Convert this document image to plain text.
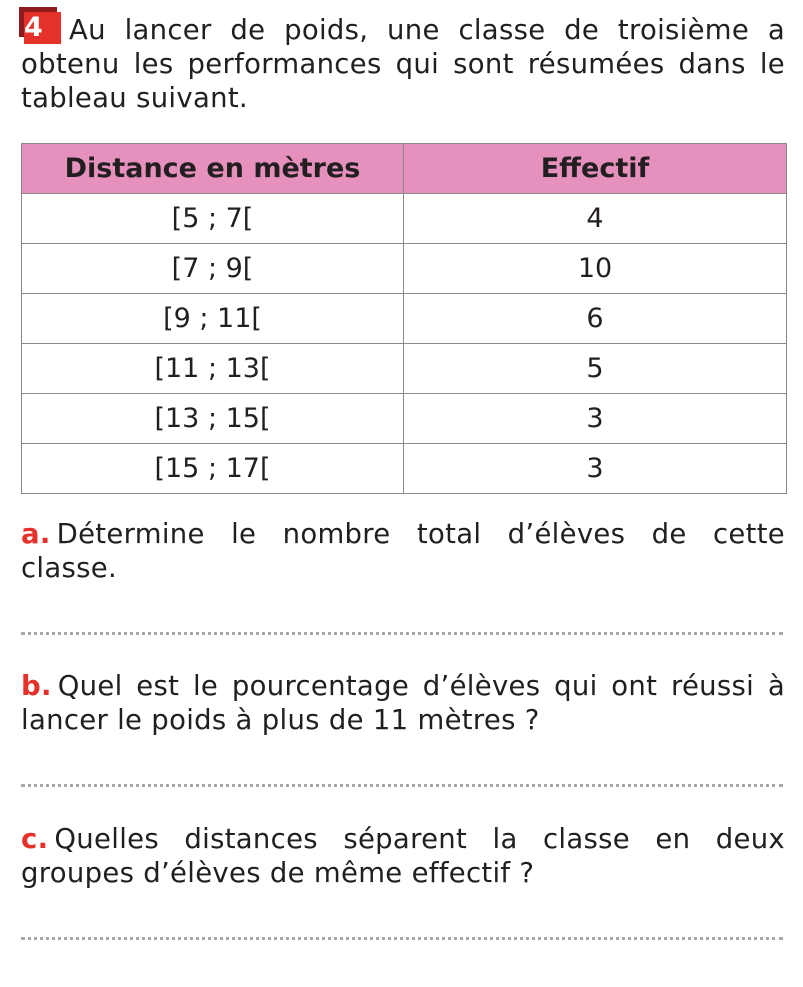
4 Au lancer de poids, une classe de troisième a obtenu les performances qui sont résumées dans le tableau suivant.
Distance en mètres	Effectif
[5 ; 7[	4
[7 ; 9[	10
[9 ; 11[	6
[11 ; 13[	5
[13 ; 15[	3
[15 ; 17[	3
a. Détermine le nombre total d’élèves de cette classe.
b. Quel est le pourcentage d’élèves qui ont réussi à lancer le poids à plus de 11 mètres ?
c. Quelles distances séparent la classe en deux groupes d’élèves de même effectif ?
